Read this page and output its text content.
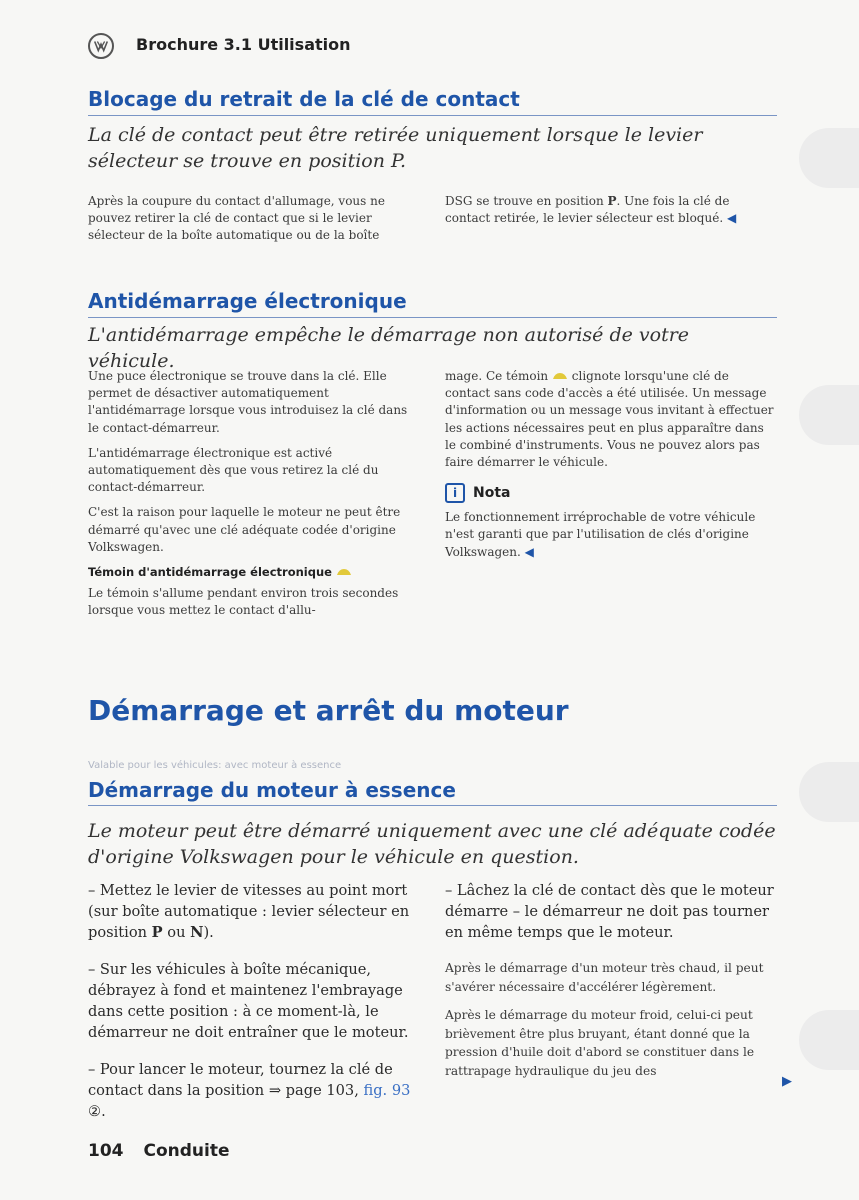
Brochure 3.1 Utilisation
Blocage du retrait de la clé de contact
La clé de contact peut être retirée uniquement lorsque le levier sélecteur se trouve en position P.

Après la coupure du contact d'allumage, vous ne pouvez retirer la clé de contact que si le levier sélecteur de la boîte automatique ou de la boîte

DSG se trouve en position P. Une fois la clé de contact retirée, le levier sélecteur est bloqué. ◀

Antidémarrage électronique
L'antidémarrage empêche le démarrage non autorisé de votre véhicule.

Une puce électronique se trouve dans la clé. Elle permet de désactiver automatiquement l'antidémarrage lorsque vous introduisez la clé dans le contact-démarreur.

L'antidémarrage électronique est activé automatiquement dès que vous retirez la clé du contact-démarreur.

C'est la raison pour laquelle le moteur ne peut être démarré qu'avec une clé adéquate codée d'origine Volkswagen.

Témoin d'antidémarrage électronique

Le témoin s'allume pendant environ trois secondes lorsque vous mettez le contact d'allu-

mage. Ce témoin  clignote lorsqu'une clé de contact sans code d'accès a été utilisée. Un message d'information ou un message vous invitant à effectuer les actions nécessaires peut en plus apparaître dans le combiné d'instruments. Vous ne pouvez alors pas faire démarrer le véhicule.

i	Nota

Le fonctionnement irréprochable de votre véhicule n'est garanti que par l'utilisation de clés d'origine Volkswagen. ◀

Démarrage et arrêt du moteur
Valable pour les véhicules: avec moteur à essence
Démarrage du moteur à essence
Le moteur peut être démarré uniquement avec une clé adéquate codée d'origine Volkswagen pour le véhicule en question.

– Mettez le levier de vitesses au point mort (sur boîte automatique : levier sélecteur en position P ou N).

– Sur les véhicules à boîte mécanique, débrayez à fond et maintenez l'embrayage dans cette position : à ce moment-là, le démarreur ne doit entraîner que le moteur.

– Pour lancer le moteur, tournez la clé de contact dans la position ⇒ page 103, fig. 93
②.

– Lâchez la clé de contact dès que le moteur démarre – le démarreur ne doit pas tourner en même temps que le moteur.

Après le démarrage d'un moteur très chaud, il peut s'avérer nécessaire d'accélérer légèrement.

Après le démarrage du moteur froid, celui-ci peut brièvement être plus bruyant, étant donné que la pression d'huile doit d'abord se constituer dans le rattrapage hydraulique du jeu des

▶
104 Conduite
